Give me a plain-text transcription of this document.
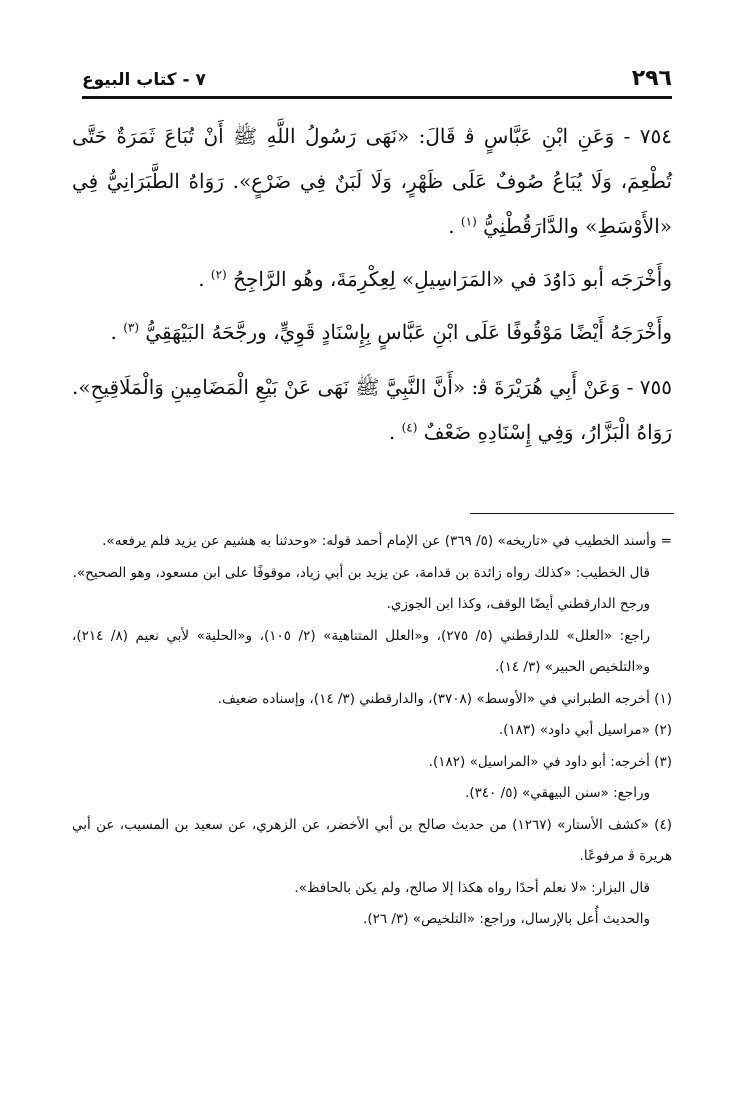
٢٩٦
٧ - كتاب البيوع

٧٥٤ - وَعَنِ ابْنِ عَبَّاسٍ ﭬ قَالَ: «نَهَى رَسُولُ اللَّهِ ﷺ أَنْ تُبَاعَ ثَمَرَةٌ حَتَّى تُطْعِمَ، وَلَا يُبَاعُ صُوفٌ عَلَى ظَهْرٍ، وَلَا لَبَنٌ فِي ضَرْعٍ». رَوَاهُ الطَّبَرَانِيُّ فِي «الأَوْسَطِ» والدَّارَقُطْنِيُّ $^{(١)}$ .

وأَخْرَجَه أبو دَاوُدَ في «المَرَاسِيلِ» لِعِكْرِمَةَ، وهُو الرَّاجِحُ $^{(٢)}$ .

وأَخْرَجَهُ أَيْضًا مَوْقُوفًا عَلَى ابْنِ عَبَّاسٍ بِإِسْنَادٍ قَوِيٍّ، ورجَّحَهُ البَيْهَقِيُّ $^{(٣)}$ .

٧٥٥ - وَعَنْ أَبِي هُرَيْرَةَ ﭬ: «أَنَّ النَّبِيَّ ﷺ نَهَى عَنْ بَيْعِ الْمَضَامِينِ وَالْمَلَاقِيحِ». رَوَاهُ الْبَزَّارُ، وَفِي إِسْنَادِهِ ضَعْفٌ $^{(٤)}$ .

= وأسند الخطيب في «تاريخه» (٥/ ٣٦٩) عن الإمام أحمد قوله: «وحدثنا به هشيم عن يزيد فلم يرفعه».

قال الخطيب: «كذلك رواه زائدة بن قدامة، عن يزيد بن أبي زياد، موقوفًا على ابن مسعود، وهو الصحيح».

ورجح الدارقطني أيضًا الوقف، وكذا ابن الجوزي.

راجع: «العلل» للدارقطني (٥/ ٢٧٥)، و«العلل المتناهية» (٢/ ١٠٥)، و«الحلية» لأبي نعيم (٨/ ٢١٤)، و«التلخيص الحبير» (٣/ ١٤).

(١) أخرجه الطبراني في «الأوسط» (٣٧٠٨)، والدارقطني (٣/ ١٤)، وإسناده ضعيف.

(٢) «مراسيل أبي داود» (١٨٣).

(٣) أخرجه: أبو داود في «المراسيل» (١٨٢).

وراجع: «سنن البيهقي» (٥/ ٣٤٠).

(٤) «كشف الأستار» (١٢٦٧) من حديث صالح بن أبي الأخضر، عن الزهري، عن سعيد بن المسيب، عن أبي هريرة ﭬ مرفوعًا.

قال البزار: «لا نعلم أحدًا رواه هكذا إلا صالح، ولم يكن بالحافظ».

والحديث أُعل بالإرسال، وراجع: «التلخيص» (٣/ ٢٦).
